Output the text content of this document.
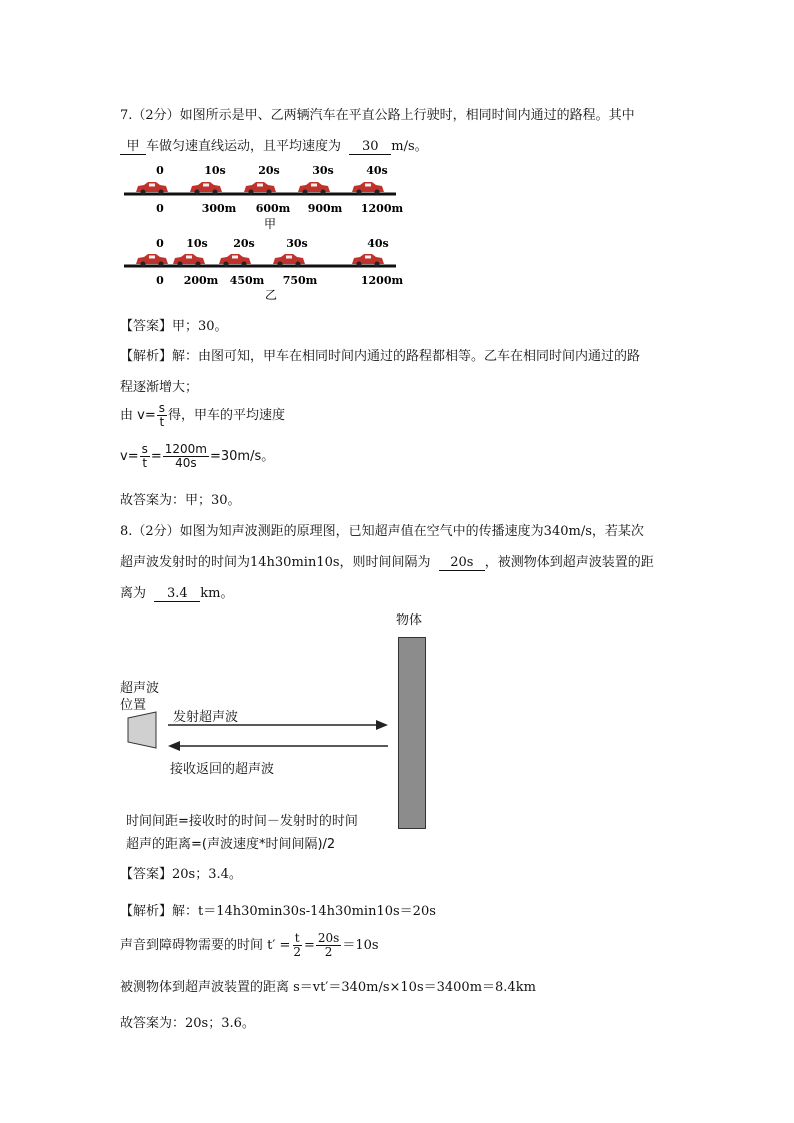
7.（2分）如图所示是甲、乙两辆汽车在平直公路上行驶时，相同时间内通过的路程。其中
甲 车做匀速直线运动，且平均速度为 30 m/s。
0	10s	20s	30s	40s
0	300m 600m 900m 1200m
甲
0 10s 20s	30s	40s
0 200m 450m 750m	1200m
乙
【答案】甲；30。
【解析】解：由图可知，甲车在相同时间内通过的路程都相等。乙车在相同时间内通过的路
程逐渐增大；
由 $v= \frac{s}{t}$ 得，甲车的平均速度
$v= \frac{s}{t} = \frac{1200m}{40s} =30m/s$。
故答案为：甲；30。
8.（2分）如图为知声波测距的原理图，已知超声值在空气中的传播速度为340m/s，若某次
超声波发射时的时间为14h30min10s，则时间间隔为 20s ，被测物体到超声波装置的距
离为 3.4 km。
物体
超声波
位置
发射超声波
接收返回的超声波
时间间距=接收时的时间－发射时的时间
超声的距离=(声波速度*时间间隔)/2
【答案】20s；3.4。
【解析】解：t＝14h30min30s-14h30min10s＝20s
声音到障碍物需要的时间 $t' = \frac{t}{2} = \frac{20s}{2} =10s$
被测物体到超声波装置的距离 s＝vt′＝340m/s×10s＝3400m＝8.4km
故答案为：20s；3.6。
